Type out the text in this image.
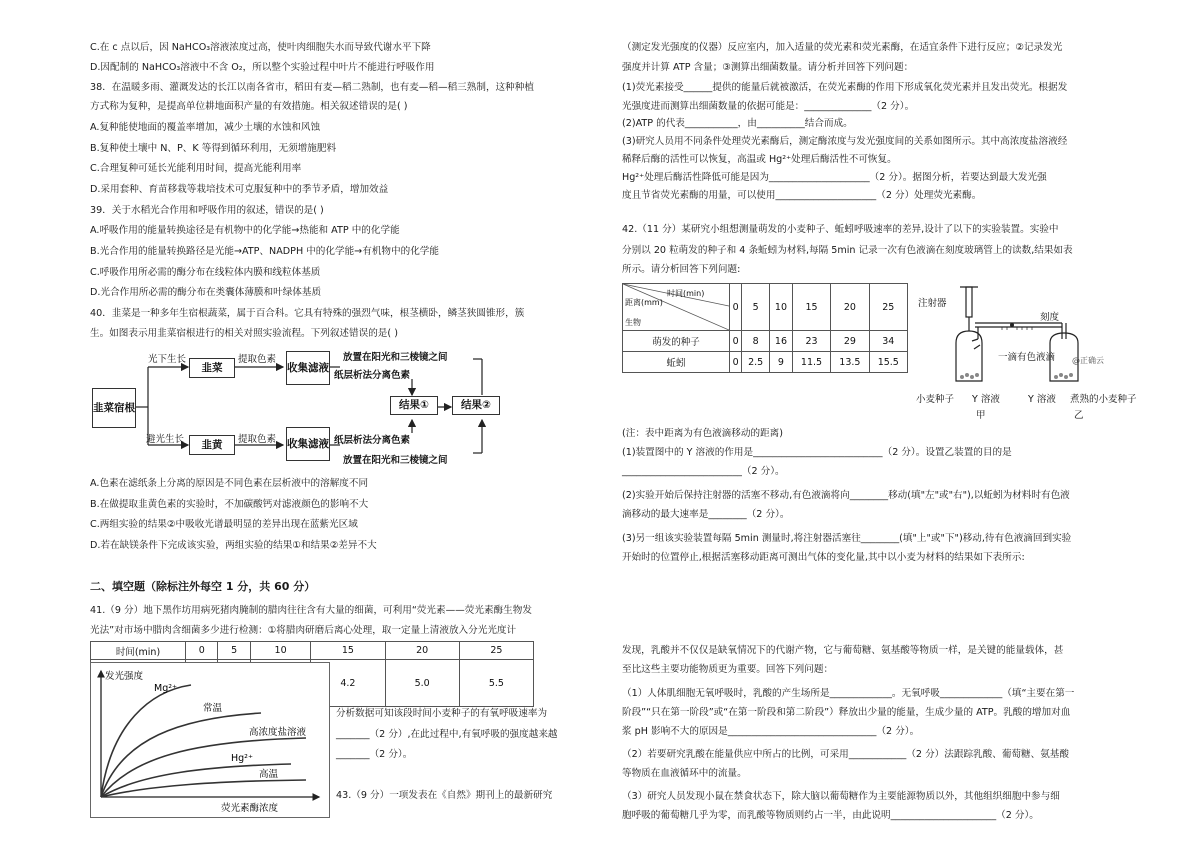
C.在 c 点以后，因 NaHCO₃溶液浓度过高，使叶肉细胞失水而导致代谢水平下降
D.因配制的 NaHCO₃溶液中不含 O₂，所以整个实验过程中叶片不能进行呼吸作用
38．在温暖多雨、灌溉发达的长江以南各省市，稻田有麦—稻二熟制，也有麦—稻—稻三熟制，这种种植
方式称为复种，是提高单位耕地面积产量的有效措施。相关叙述错误的是( )
A.复种能使地面的覆盖率增加，减少土壤的水蚀和风蚀
B.复种使土壤中 N、P、K 等得到循环利用，无须增施肥料
C.合理复种可延长光能利用时间，提高光能利用率
D.采用套种、育苗移栽等栽培技术可克服复种中的季节矛盾，增加效益
39．关于水稻光合作用和呼吸作用的叙述，错误的是( )
A.呼吸作用的能量转换途径是有机物中的化学能→热能和 ATP 中的化学能
B.光合作用的能量转换路径是光能→ATP、NADPH 中的化学能→有机物中的化学能
C.呼吸作用所必需的酶分布在线粒体内膜和线粒体基质
D.光合作用所必需的酶分布在类囊体薄膜和叶绿体基质
40．韭菜是一种多年生宿根蔬菜，属于百合科。它具有特殊的强烈气味，根茎横卧，鳞茎狭圆锥形，簇
生。如图表示用韭菜宿根进行的相关对照实验流程。下列叙述错误的是( )
韭菜宿根
光下生长
避光生长
韭菜
韭黄
提取色素
提取色素
收集滤液
收集滤液
放置在阳光和三棱镜之间
纸层析法分离色素
纸层析法分离色素
放置在阳光和三棱镜之间
结果①	结果②
A.色素在滤纸条上分离的原因是不同色素在层析液中的溶解度不同
B.在做提取韭黄色素的实验时，不加碳酸钙对滤液颜色的影响不大
C.两组实验的结果②中吸收光谱最明显的差异出现在蓝紫光区域
D.若在缺镁条件下完成该实验，两组实验的结果①和结果②差异不大
二、填空题（除标注外每空 1 分，共 60 分）
41.（9 分）地下黑作坊用病死猪肉腌制的腊肉往往含有大量的细菌，可利用“荧光素——荧光素酶生物发
光法”对市场中腊肉含细菌多少进行检测：①将腊肉研磨后离心处理，取一定量上清液放入分光光度计
时间(min)	0	5	10	15	20	25
				4.2	5.0	5.5
发光强度
荧光素酶浓度
Mg²⁺
常温
高浓度盐溶液
Hg²⁺
高温
分析数据可知该段时间小麦种子的有氧呼吸速率为
_______（2 分）,在此过程中,有氧呼吸的强度越来越
_______（2 分）。
43.（9 分）一项发表在《自然》期刊上的最新研究
（测定发光强度的仪器）反应室内，加入适量的荧光素和荧光素酶，在适宜条件下进行反应；②记录发光
强度并计算 ATP 含量；③测算出细菌数量。请分析并回答下列问题：
(1)荧光素接受______提供的能量后就被激活，在荧光素酶的作用下形成氧化荧光素并且发出荧光。根据发
光强度进而测算出细菌数量的依据可能是：______________（2 分）。
(2)ATP 的代表___________，由__________结合而成。
(3)研究人员用不同条件处理荧光素酶后，测定酶浓度与发光强度间的关系如图所示。其中高浓度盐溶液经
稀释后酶的活性可以恢复，高温或 Hg²⁺处理后酶活性不可恢复。
Hg²⁺处理后酶活性降低可能是因为_____________________（2 分）。据图分析，若要达到最大发光强
度且节省荧光素酶的用量，可以使用_____________________（2 分）处理荧光素酶。
42.（11 分）某研究小组想测量萌发的小麦种子、蚯蚓呼吸速率的差异,设计了以下的实验装置。实验中
分别以 20 粒萌发的种子和 4 条蚯蚓为材料,每隔 5min 记录一次有色液滴在刻度玻璃管上的读数,结果如表
所示。请分析回答下列问题:
时间(min)
距离(mm)
生物	0	5	10	15	20	25
萌发的种子	0	8	16	23	29	34
蚯蚓	0	2.5	9	11.5	13.5	15.5
注射器
刻度
一滴有色液滴 @正确云
小麦种子 Y 溶液
甲
Y 溶液 煮熟的小麦种子
乙
(注：表中距离为有色液滴移动的距离)
(1)装置图中的 Y 溶液的作用是___________________________（2 分）。设置乙装置的目的是
_________________________（2 分）。
(2)实验开始后保持注射器的活塞不移动,有色液滴将向________移动(填"左"或"右"),以蚯蚓为材料时有色液
滴移动的最大速率是________（2 分）。
(3)另一组该实验装置每隔 5min 测量时,将注射器活塞往________(填"上"或"下")移动,待有色液滴回到实验
开始时的位置停止,根据活塞移动距离可测出气体的变化量,其中以小麦为材料的结果如下表所示:
发现，乳酸并不仅仅是缺氧情况下的代谢产物，它与葡萄糖、氨基酸等物质一样，是关键的能量载体，甚
至比这些主要功能物质更为重要。回答下列问题：
（1）人体肌细胞无氧呼吸时，乳酸的产生场所是_____________。无氧呼吸_____________（填“主要在第一
阶段”“只在第一阶段”或“在第一阶段和第二阶段”）释放出少量的能量，生成少量的 ATP。乳酸的增加对血
浆 pH 影响不大的原因是_______________________________（2 分）。
（2）若要研究乳酸在能量供应中所占的比例，可采用____________（2 分）法跟踪乳酸、葡萄糖、氨基酸
等物质在血液循环中的流量。
（3）研究人员发现小鼠在禁食状态下，除大脑以葡萄糖作为主要能源物质以外，其他组织细胞中参与细
胞呼吸的葡萄糖几乎为零，而乳酸等物质则约占一半，由此说明______________________（2 分）。
